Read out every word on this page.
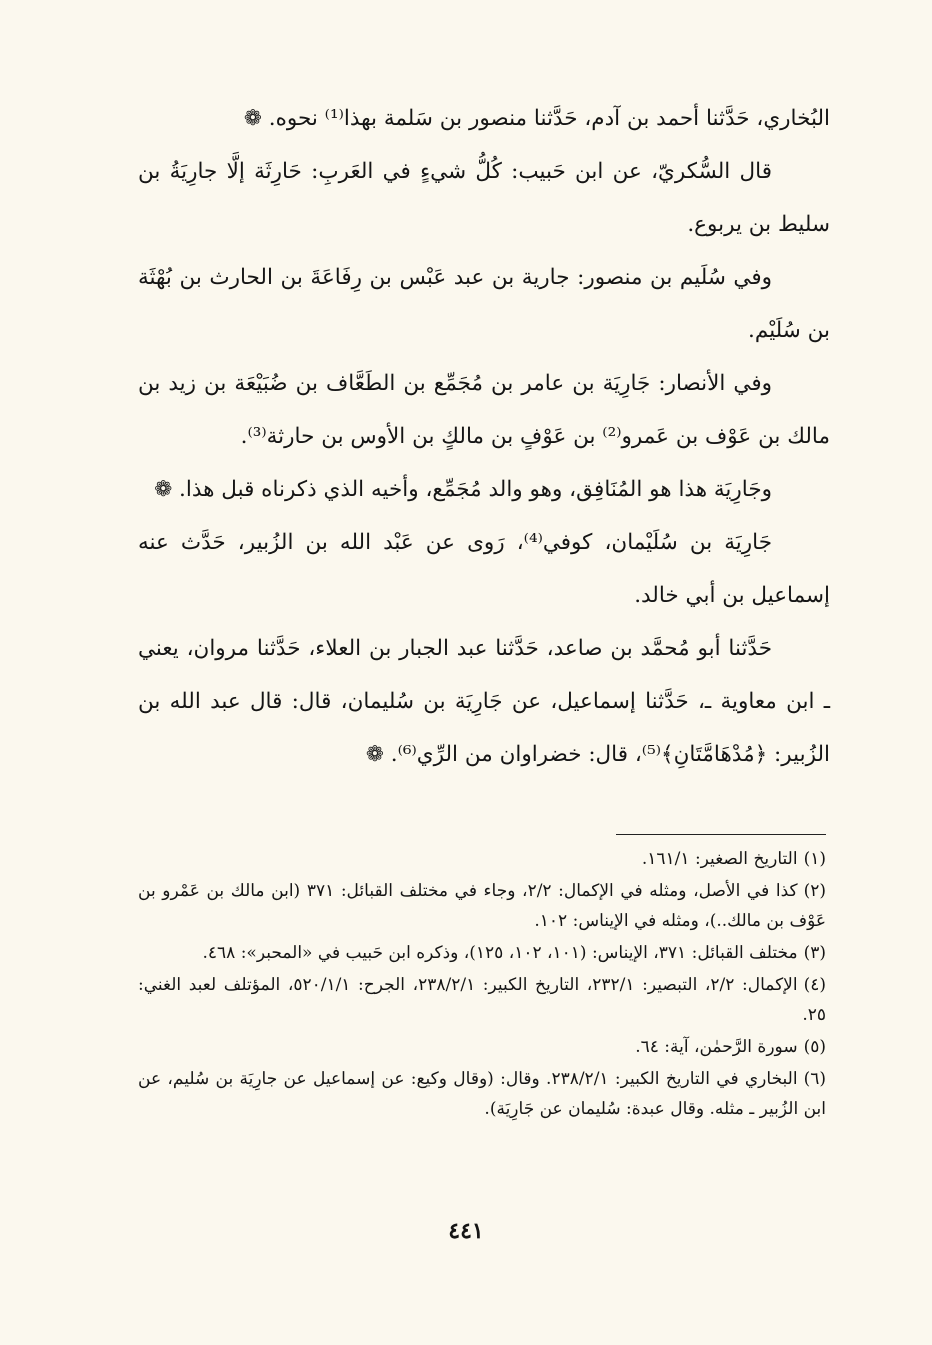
البُخاري، حَدَّثنا أحمد بن آدم، حَدَّثنا منصور بن سَلمة بهذا⁽¹⁾ نحوه. ❁

قال السُّكريّ، عن ابن حَبيب: كُلُّ شيءٍ في العَربِ: حَارِثَة إلَّا جارِيَةُ بن سليط بن يربوع.

وفي سُلَيم بن منصور: جارية بن عبد عَبْس بن رِفَاعَةَ بن الحارث بن بُهْثَة بن سُلَيْم.

وفي الأنصار: جَارِيَة بن عامر بن مُجَمِّع بن الطَعَّاف بن ضُبَيْعَة بن زيد بن مالك بن عَوْف بن عَمرو⁽²⁾ بن عَوْفٍ بن مالكٍ بن الأوس بن حارثة⁽³⁾.

وجَارِيَة هذا هو المُنَافِق، وهو والد مُجَمِّع، وأخيه الذي ذكرناه قبل هذا. ❁

جَارِيَة بن سُلَيْمان، كوفي⁽⁴⁾، رَوى عن عَبْد الله بن الزُبير، حَدَّث عنه إسماعيل بن أبي خالد.

حَدَّثنا أبو مُحمَّد بن صاعد، حَدَّثنا عبد الجبار بن العلاء، حَدَّثنا مروان، يعني ـ ابن معاوية ـ، حَدَّثنا إسماعيل، عن جَارِيَة بن سُليمان، قال: قال عبد الله بن الزُبير: ﴿مُدْهَامَّتَانِ﴾⁽⁵⁾، قال: خضراوان من الرِّي⁽⁶⁾. ❁

(١)التاريخ الصغير: ١٦١/١.

(٢)كذا في الأصل، ومثله في الإكمال: ٢/٢، وجاء في مختلف القبائل: ٣٧١ (ابن مالك بن عَمْرو بن عَوْف بن مالك..)، ومثله في الإيناس: ١٠٢.

(٣)مختلف القبائل: ٣٧١، الإيناس: (١٠١، ١٠٢، ١٢٥)، وذكره ابن حَبيب في «المحبر»: ٤٦٨.

(٤)الإكمال: ٢/٢، التبصير: ٢٣٢/١، التاريخ الكبير: ٢٣٨/٢/١، الجرح: ٥٢٠/١/١، المؤتلف لعبد الغني: ٢٥.

(٥)سورة الرَّحمٰن، آية: ٦٤.

(٦)البخاري في التاريخ الكبير: ٢٣٨/٢/١. وقال: (وقال وكيع: عن إسماعيل عن جارِيَة بن سُليم، عن ابن الزُبير ـ مثله. وقال عبدة: سُليمان عن جَارِيَة).

٤٤١
